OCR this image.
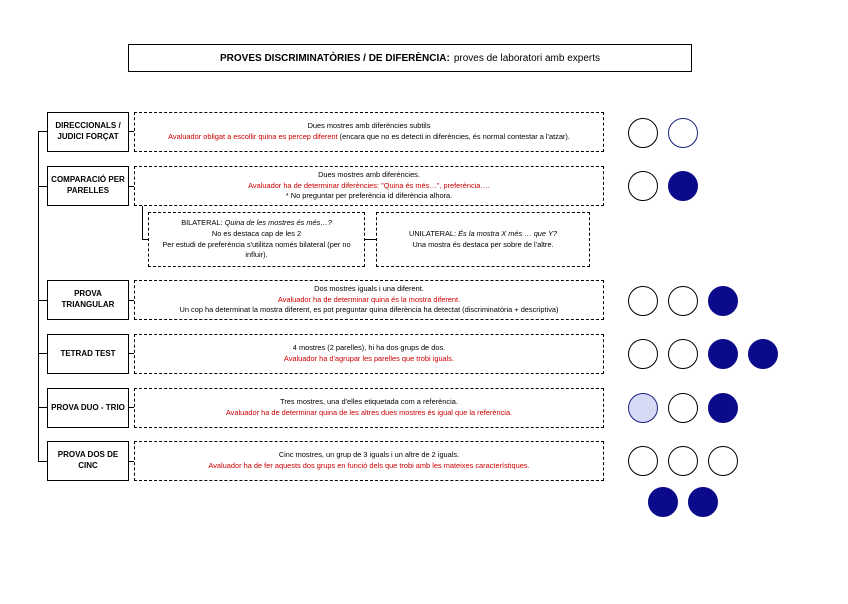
PROVES DISCRIMINATÒRIES / DE DIFERÈNCIA: proves de laboratori amb experts
DIRECCIONALS /
JUDICI FORÇAT
Dues mostres amb diferències subtils
Avaluador obligat a escollir quina es percep diferent (encara que no es detecti in diferències, és normal contestar a l'atzar).
COMPARACIÓ PER
PARELLES
Dues mostres amb diferències.
Avaluador ha de determinar diferències: "Quina és més…", preferència….
* No preguntar per preferència id diferència alhora.
BILATERAL: Quina de les mostres és més…?
No es destaca cap de les 2
Per estudi de preferència s'utilitza només bilateral (per no influir).
UNILATERAL: És la mostra X més … que Y?
Una mostra és destaca per sobre de l'altre.
PROVA
TRIANGULAR
Dos mostres iguals i una diferent.
Avaluador ha de determinar quina és la mostra diferent.
Un cop ha determinat la mostra diferent, es pot preguntar quina diferència ha detectat (discriminatòria + descriptiva)
TETRAD TEST
4 mostres (2 parelles), hi ha dos grups de dos.
Avaluador ha d'agrupar les parelles que trobi iguals.
PROVA DUO - TRIO
Tres mostres, una d'elles etiquetada com a referència.
Avaluador ha de determinar quina de les altres dues mostres és igual que la referència.
PROVA DOS DE CINC
Cinc mostres, un grup de 3 iguals i un altre de 2 iguals.
Avaluador ha de fer aquests dos grups en funció dels que trobi amb les mateixes característiques.
